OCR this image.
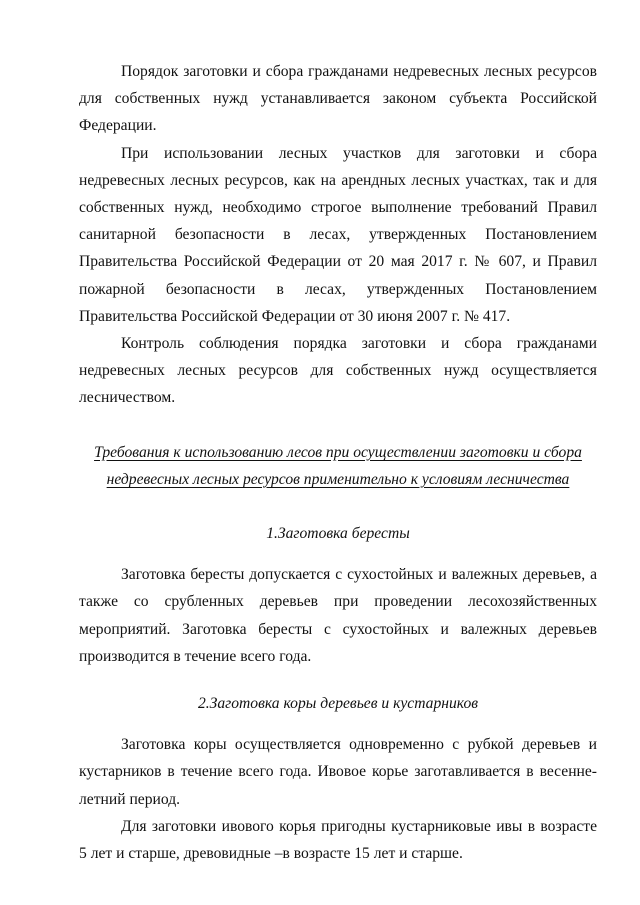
Порядок заготовки и сбора гражданами недревесных лесных ресурсов для собственных нужд устанавливается законом субъекта Российской Федерации.

При использовании лесных участков для заготовки и сбора недревесных лесных ресурсов, как на арендных лесных участках, так и для собственных нужд, необходимо строгое выполнение требований Правил санитарной безопасности в лесах, утвержденных Постановлением Правительства Российской Федерации от 20 мая 2017 г. № 607, и Правил пожарной безопасности в лесах, утвержденных Постановлением Правительства Российской Федерации от 30 июня 2007 г. № 417.

Контроль соблюдения порядка заготовки и сбора гражданами недревесных лесных ресурсов для собственных нужд осуществляется лесничеством.

Требования к использованию лесов при осуществлении заготовки и сбора недревесных лесных ресурсов применительно к условиям лесничества

1.Заготовка бересты

Заготовка бересты допускается с сухостойных и валежных деревьев, а также со срубленных деревьев при проведении лесохозяйственных мероприятий. Заготовка бересты с сухостойных и валежных деревьев производится в течение всего года.

2.Заготовка коры деревьев и кустарников

Заготовка коры осуществляется одновременно с рубкой деревьев и кустарников в течение всего года. Ивовое корье заготавливается в весенне-летний период.

Для заготовки ивового корья пригодны кустарниковые ивы в возрасте 5 лет и старше, древовидные –в возрасте 15 лет и старше.
